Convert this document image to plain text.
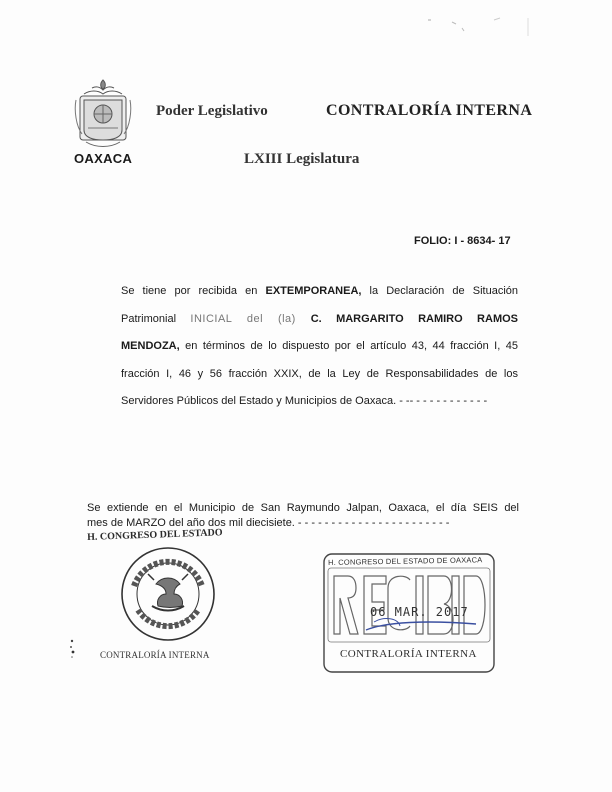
OAXACA
Poder Legislativo	CONTRALORÍA INTERNA
LXIII Legislatura
FOLIO: I - 8634- 17
Se tiene por recibida en EXTEMPORANEA, la Declaración de Situación
Patrimonial INICIAL del (la) C. MARGARITO RAMIRO RAMOS
MENDOZA, en términos de lo dispuesto por el artículo 43, 44 fracción I, 45
fracción I, 46 y 56 fracción XXIX, de la Ley de Responsabilidades de los
Servidores Públicos del Estado y Municipios de Oaxaca. - -- - - - - - - - - - - -
Se extiende en el Municipio de San Raymundo Jalpan, Oaxaca, el día SEIS del
mes de MARZO del año dos mil diecisiete. - - - - - - - - - - - - - - - - - - - - - - -
H. CONGRESO DEL ESTADO
CONTRALORÍA INTERNA
H. CONGRESO DEL ESTADO DE OAXACA
06 MAR. 2017
CONTRALORÍA INTERNA
